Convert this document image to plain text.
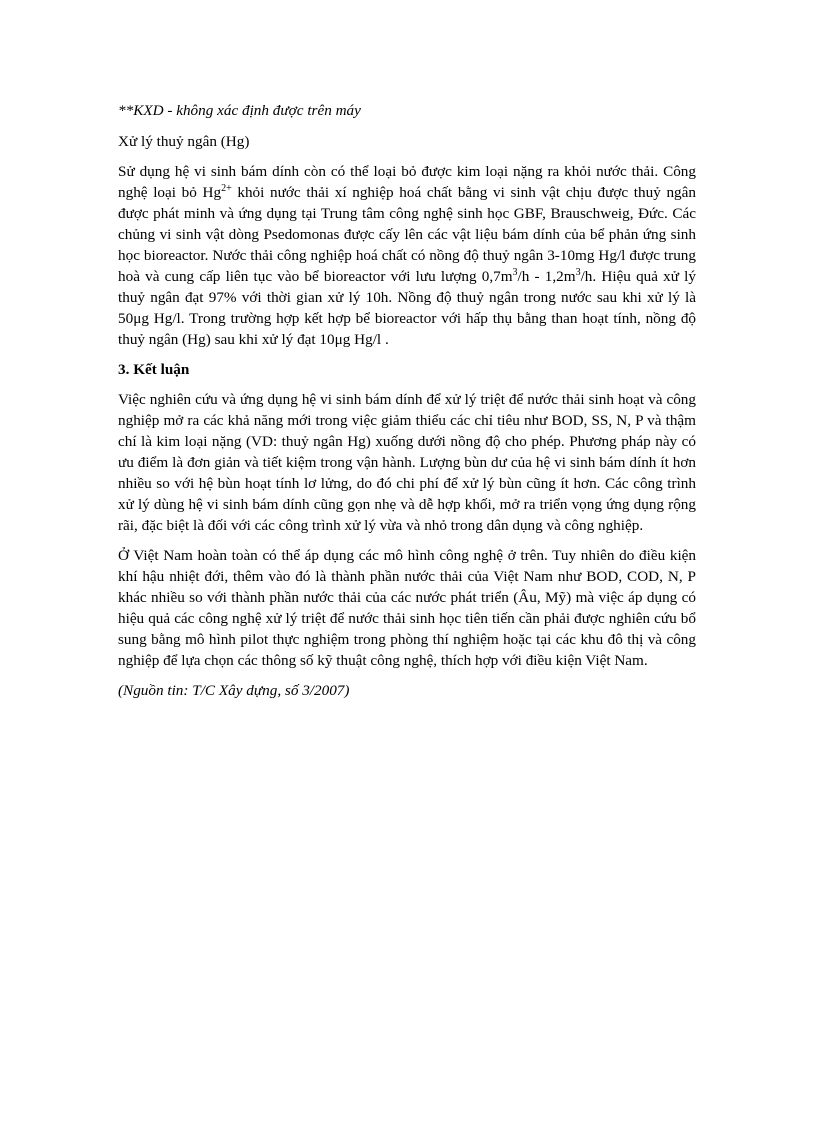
**KXD - không xác định được trên máy

Xử lý thuỷ ngân (Hg)

Sử dụng hệ vi sinh bám dính còn có thể loại bỏ được kim loại nặng ra khỏi nước thải. Công nghệ loại bỏ $Hg^{2+}$ khỏi nước thải xí nghiệp hoá chất bằng vi sinh vật chịu được thuỷ ngân được phát minh và ứng dụng tại Trung tâm công nghệ sinh học GBF, Brauschweig, Đức. Các chủng vi sinh vật dòng Psedomonas được cấy lên các vật liệu bám dính của bể phản ứng sinh học bioreactor. Nước thải công nghiệp hoá chất có nồng độ thuỷ ngân 3-10mg Hg/l được trung hoà và cung cấp liên tục vào bể bioreactor với lưu lượng $0,7m^3/h - 1,2m^3/h$. Hiệu quả xử lý thuỷ ngân đạt 97% với thời gian xử lý 10h. Nồng độ thuỷ ngân trong nước sau khi xử lý là 50μg Hg/l. Trong trường hợp kết hợp bể bioreactor với hấp thụ bằng than hoạt tính, nồng độ thuỷ ngân (Hg) sau khi xử lý đạt 10μg Hg/l .

3. Kết luận

Việc nghiên cứu và ứng dụng hệ vi sinh bám dính để xử lý triệt để nước thải sinh hoạt và công nghiệp mở ra các khả năng mới trong việc giảm thiểu các chỉ tiêu như BOD, SS, N, P và thậm chí là kim loại nặng (VD: thuỷ ngân Hg) xuống dưới nồng độ cho phép. Phương pháp này có ưu điểm là đơn giản và tiết kiệm trong vận hành. Lượng bùn dư của hệ vi sinh bám dính ít hơn nhiều so với hệ bùn hoạt tính lơ lửng, do đó chi phí để xử lý bùn cũng ít hơn. Các công trình xử lý dùng hệ vi sinh bám dính cũng gọn nhẹ và dễ hợp khối, mở ra triển vọng ứng dụng rộng rãi, đặc biệt là đối với các công trình xử lý vừa và nhỏ trong dân dụng và công nghiệp.

Ở Việt Nam hoàn toàn có thể áp dụng các mô hình công nghệ ở trên. Tuy nhiên do điều kiện khí hậu nhiệt đới, thêm vào đó là thành phần nước thải của Việt Nam như BOD, COD, N, P khác nhiều so với thành phần nước thải của các nước phát triển (Âu, Mỹ) mà việc áp dụng có hiệu quả các công nghệ xử lý triệt để nước thải sinh học tiên tiến cần phải được nghiên cứu bổ sung bằng mô hình pilot thực nghiệm trong phòng thí nghiệm hoặc tại các khu đô thị và công nghiệp để lựa chọn các thông số kỹ thuật công nghệ, thích hợp với điều kiện Việt Nam.

(Nguồn tin: T/C Xây dựng, số 3/2007)
